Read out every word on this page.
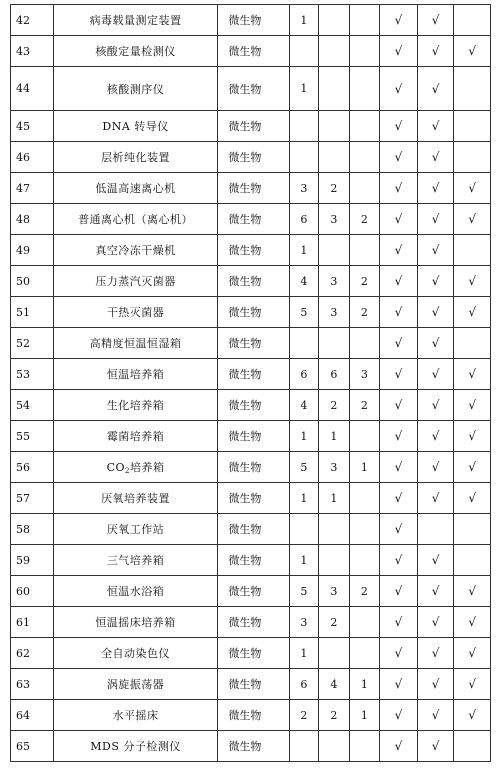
42	病毒载量测定装置	微生物	1			√	√	
43	核酸定量检测仪	微生物				√	√	√
44	核酸测序仪	微生物	1			√	√	
45	DNA 转导仪	微生物				√	√	
46	层析纯化装置	微生物				√	√	
47	低温高速离心机	微生物	3	2		√	√	√
48	普通离心机（离心机）	微生物	6	3	2	√	√	√
49	真空冷冻干燥机	微生物	1			√	√	
50	压力蒸汽灭菌器	微生物	4	3	2	√	√	√
51	干热灭菌器	微生物	5	3	2	√	√	√
52	高精度恒温恒湿箱	微生物				√	√	
53	恒温培养箱	微生物	6	6	3	√	√	√
54	生化培养箱	微生物	4	2	2	√	√	√
55	霉菌培养箱	微生物	1	1		√	√	√
56	$CO_2$培养箱	微生物	5	3	1	√	√	√
57	厌氧培养装置	微生物	1	1		√	√	√
58	厌氧工作站	微生物				√		
59	三气培养箱	微生物	1			√	√	
60	恒温水浴箱	微生物	5	3	2	√	√	√
61	恒温摇床培养箱	微生物	3	2		√	√	√
62	全自动染色仪	微生物	1			√	√	√
63	涡旋振荡器	微生物	6	4	1	√	√	√
64	水平摇床	微生物	2	2	1	√	√	√
65	MDS 分子检测仪	微生物				√	√	
